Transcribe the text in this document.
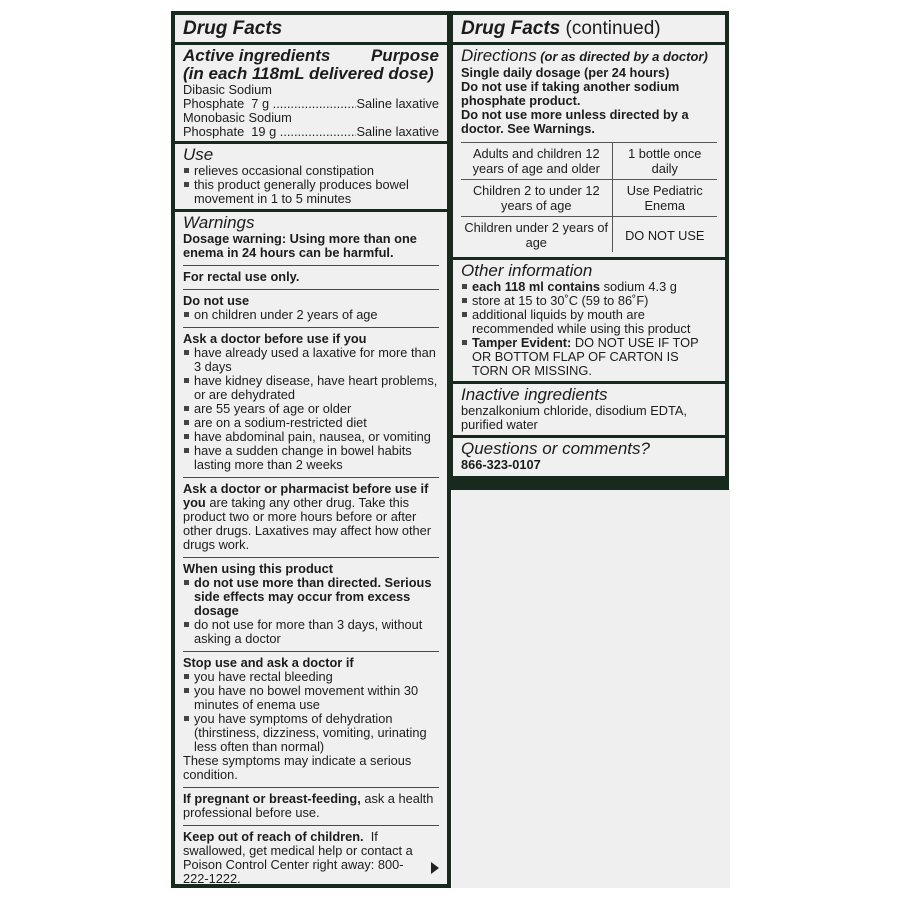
Drug Facts
Active ingredients Purpose
(in each 118mL delivered dose)
Dibasic Sodium
Phosphate  7 g .....	Saline laxative
Monobasic Sodium
Phosphate  19 g .....	Saline laxative
Use
relieves occasional constipation
this product generally produces bowel movement in 1 to 5 minutes
Warnings
Dosage warning: Using more than one enema in 24 hours can be harmful.
For rectal use only.
Do not use
on children under 2 years of age
Ask a doctor before use if you
have already used a laxative for more than 3 days
have kidney disease, have heart problems, or are dehydrated
are 55 years of age or older
are on a sodium-restricted diet
have abdominal pain, nausea, or vomiting
have a sudden change in bowel habits lasting more than 2 weeks
Ask a doctor or pharmacist before use if you are taking any other drug. Take this product two or more hours before or after other drugs. Laxatives may affect how other drugs work.
When using this product
do not use more than directed. Serious side effects may occur from excess dosage
do not use for more than 3 days, without asking a doctor
Stop use and ask a doctor if
you have rectal bleeding
you have no bowel movement within 30 minutes of enema use
you have symptoms of dehydration (thirstiness, dizziness, vomiting, urinating less often than normal)
These symptoms may indicate a serious condition.
If pregnant or breast-feeding, ask a health professional before use.
Keep out of reach of children.  If swallowed, get medical help or contact a Poison Control Center right away: 800-222-1222.
Drug Facts (continued)
Directions (or as directed by a doctor)
Single daily dosage (per 24 hours)
Do not use if taking another sodium phosphate product.
Do not use more unless directed by a doctor. See Warnings.
Adults and children 12 years of age and older	1 bottle once daily
Children 2 to under 12 years of age	Use Pediatric Enema
Children under 2 years of age	DO NOT USE
Other information
each 118 ml contains sodium 4.3 g
store at 15 to 30˚C (59 to 86˚F)
additional liquids by mouth are recommended while using this product
Tamper Evident: DO NOT USE IF TOP OR BOTTOM FLAP OF CARTON IS TORN OR MISSING.
Inactive ingredients
benzalkonium chloride, disodium EDTA, purified water
Questions or comments?
866-323-0107
